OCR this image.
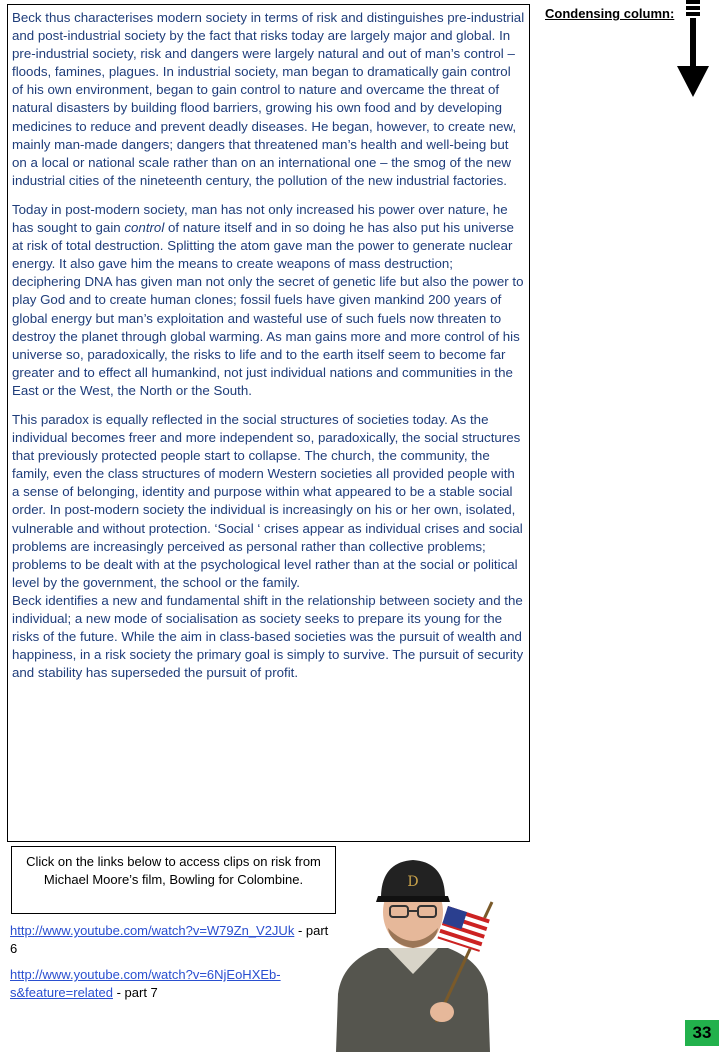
Beck thus characterises modern society in terms of risk and distinguishes pre-industrial and post-industrial society by the fact that risks today are largely major and global. In pre-industrial society, risk and dangers were largely natural and out of man’s control – floods, famines, plagues. In industrial society, man began to dramatically gain control of his own environment, began to gain control to nature and overcame the threat of natural disasters by building flood barriers, growing his own food and by developing medicines to reduce and prevent deadly diseases. He began, however, to create new, mainly man-made dangers; dangers that threatened man’s health and well-being but on a local or national scale rather than on an international one – the smog of the new industrial cities of the nineteenth century, the pollution of the new industrial factories.

Today in post-modern society, man has not only increased his power over nature, he has sought to gain control of nature itself and in so doing he has also put his universe at risk of total destruction. Splitting the atom gave man the power to generate nuclear energy. It also gave him the means to create weapons of mass destruction; deciphering DNA has given man not only the secret of genetic life but also the power to play God and to create human clones; fossil fuels have given mankind 200 years of global energy but man’s exploitation and wasteful use of such fuels now threaten to destroy the planet through global warming. As man gains more and more control of his universe so, paradoxically, the risks to life and to the earth itself seem to become far greater and to effect all humankind, not just individual nations and communities in the East or the West, the North or the South.

This paradox is equally reflected in the social structures of societies today. As the individual becomes freer and more independent so, paradoxically, the social structures that previously protected people start to collapse. The church, the community, the family, even the class structures of modern Western societies all provided people with a sense of belonging, identity and purpose within what appeared to be a stable social order. In post-modern society the individual is increasingly on his or her own, isolated, vulnerable and without protection. ‘Social ‘ crises appear as individual crises and social problems are increasingly perceived as personal rather than collective problems; problems to be dealt with at the psychological level rather than at the social or political level by the government, the school or the family.

Beck identifies a new and fundamental shift in the relationship between society and the individual; a new mode of socialisation as society seeks to prepare its young for the risks of the future. While the aim in class-based societies was the pursuit of wealth and happiness, in a risk society the primary goal is simply to survive. The pursuit of security and stability has superseded the pursuit of profit.

Condensing column:
Click on the links below to access clips on risk from Michael Moore’s film, Bowling for Colombine.
http://www.youtube.com/watch?v=W79Zn_V2JUk - part 6
http://www.youtube.com/watch?v=6NjEoHXEb-s&feature=related - part 7
D
33
